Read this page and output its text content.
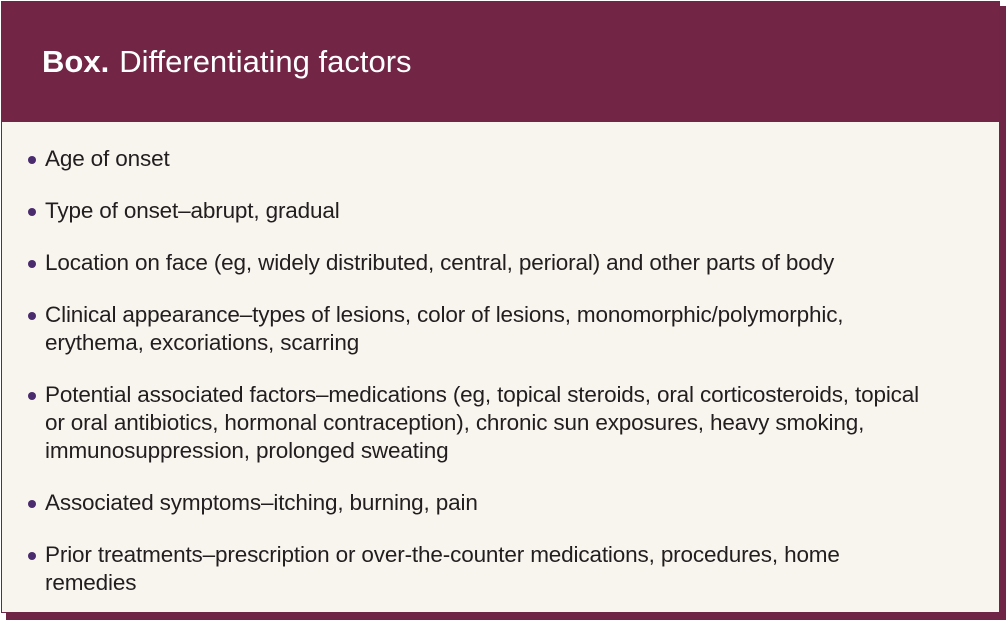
Box. Differentiating factors
Age of onset
Type of onset–abrupt, gradual
Location on face (eg, widely distributed, central, perioral) and other parts of body
Clinical appearance–types of lesions, color of lesions, monomorphic/polymorphic, erythema, excoriations, scarring
Potential associated factors–medications (eg, topical steroids, oral corticosteroids, topical or oral antibiotics, hormonal contraception), chronic sun exposures, heavy smoking, immunosuppression, prolonged sweating
Associated symptoms–itching, burning, pain
Prior treatments–prescription or over-the-counter medications, procedures, home remedies
